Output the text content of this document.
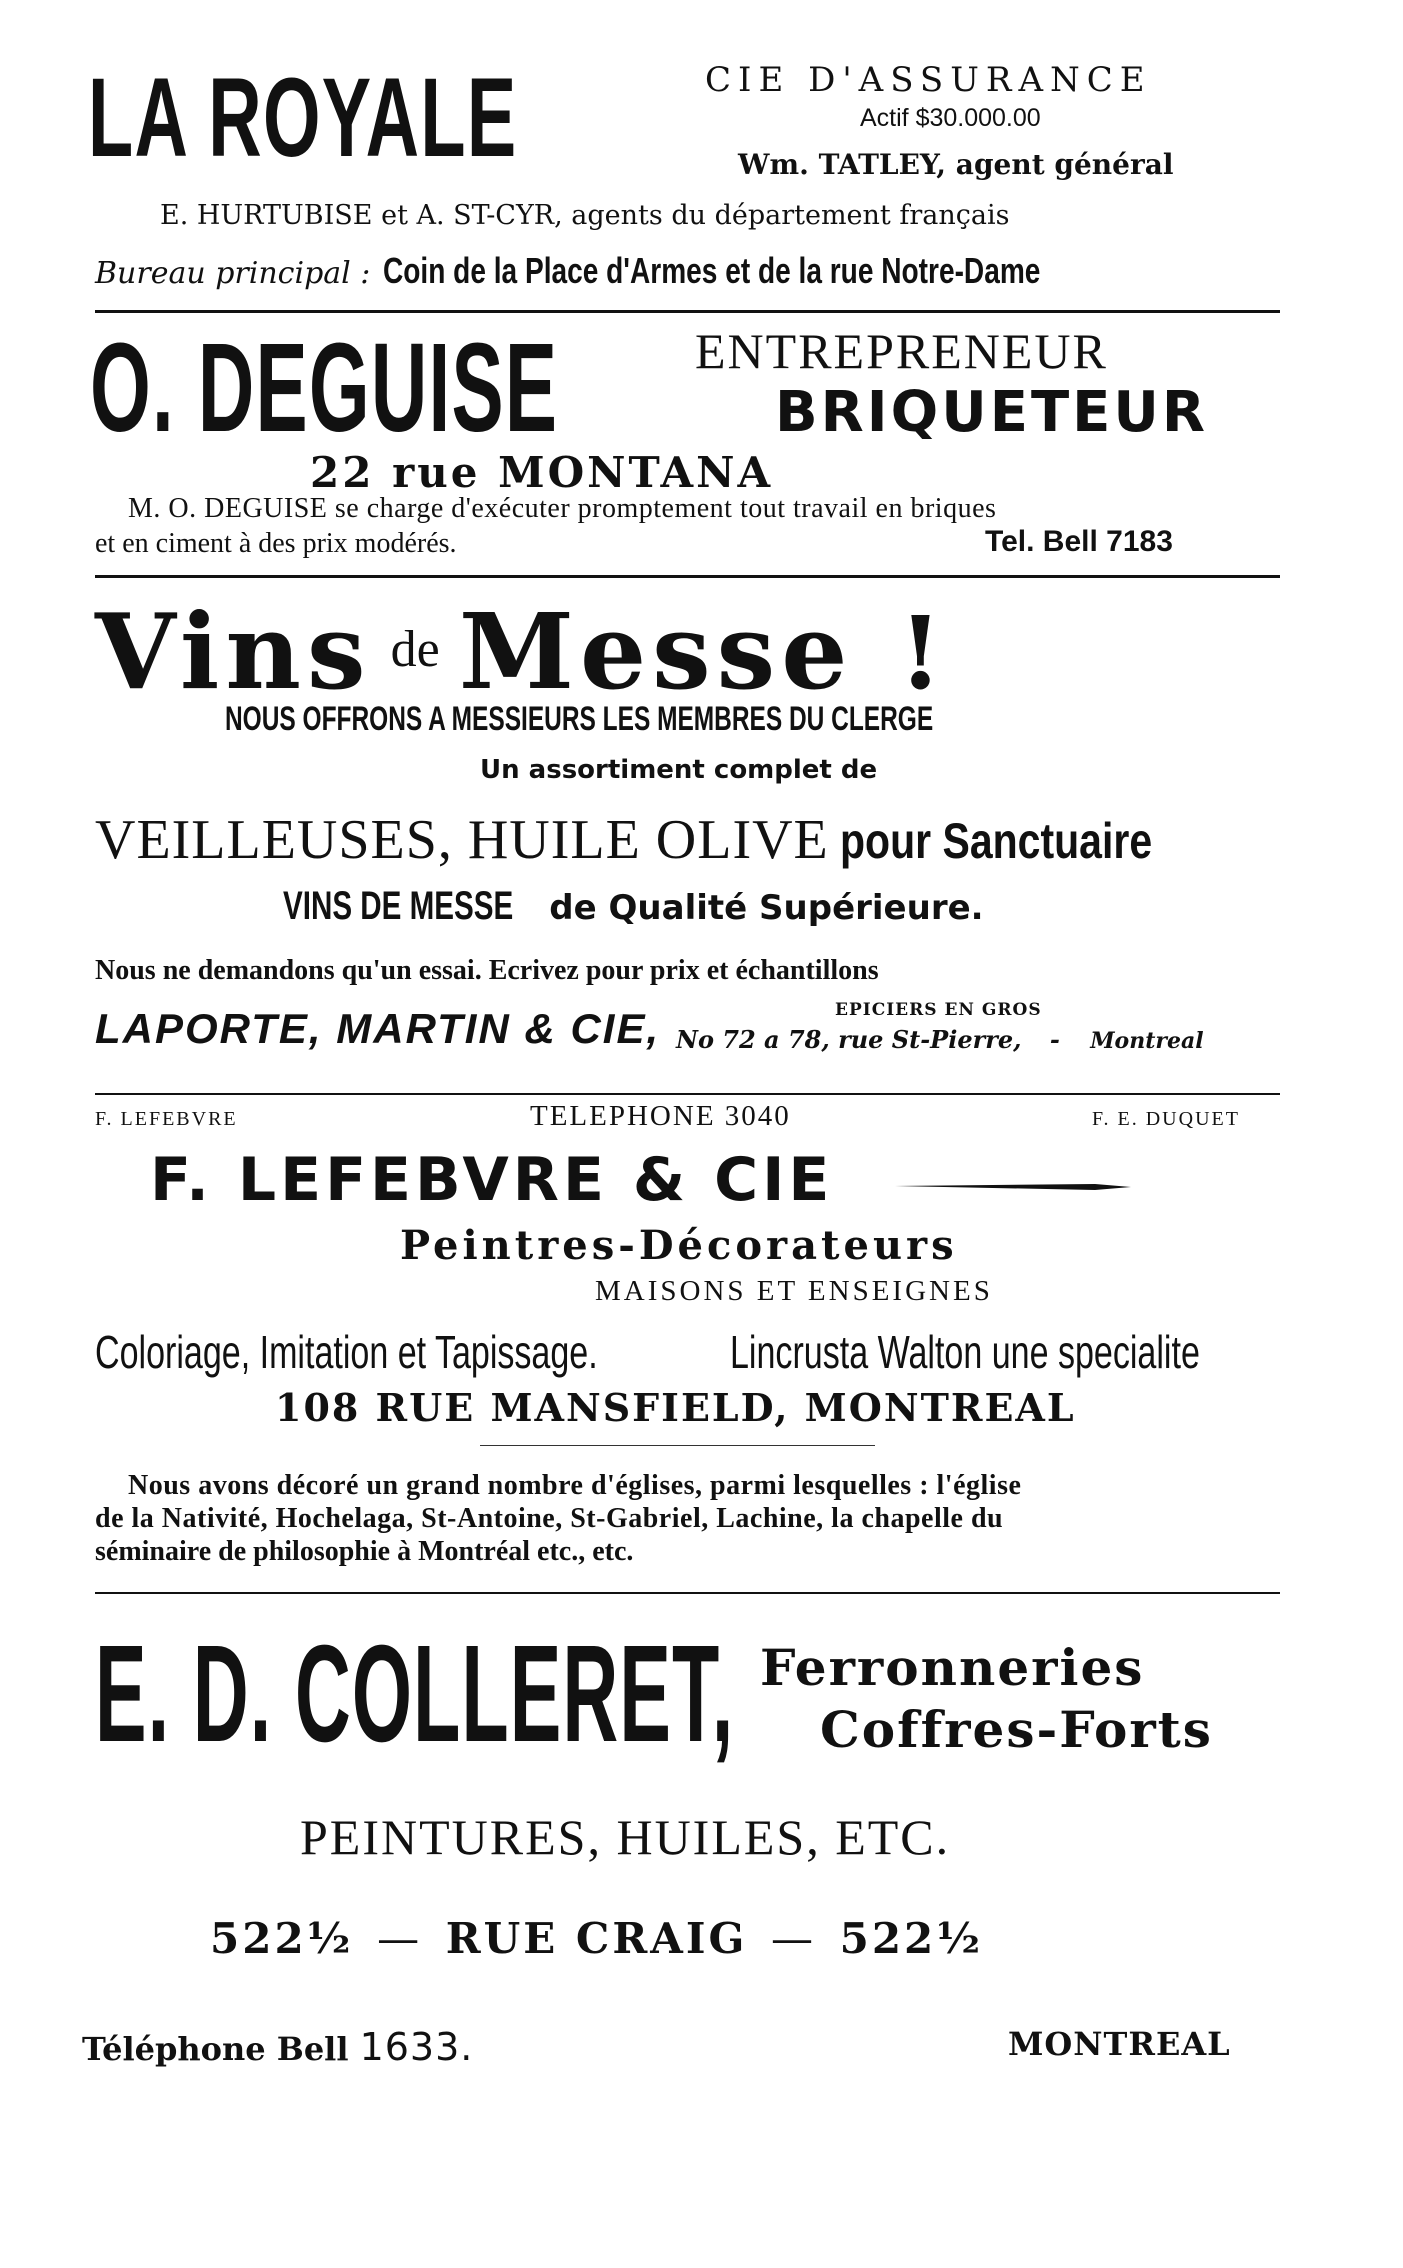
LA ROYALE	CIE D'ASSURANCE
Actif $30.000.00
Wm. TATLEY, agent général
E. HURTUBISE et A. ST-CYR, agents du département français
Bureau principal : Coin de la Place d'Armes et de la rue Notre-Dame
O. DEGUISE	ENTREPRENEUR
BRIQUETEUR
22 rue MONTANA
M. O. DEGUISE se charge d'exécuter promptement tout travail en briques
et en ciment à des prix modérés.	Tel. Bell 7183
Vins de Messe !
NOUS OFFRONS A MESSIEURS LES MEMBRES DU CLERGE
Un assortiment complet de
VEILLEUSES, HUILE OLIVE pour Sanctuaire
VINS DE MESSE de Qualité Supérieure.
Nous ne demandons qu'un essai. Ecrivez pour prix et échantillons
LAPORTE, MARTIN & CIE,	EPICIERS EN GROS
No 72 a 78, rue St-Pierre, - Montreal
F. LEFEBVRE	TELEPHONE 3040	F. E. DUQUET
F. LEFEBVRE & CIE
Peintres-Décorateurs
MAISONS ET ENSEIGNES
Coloriage, Imitation et Tapissage.	Lincrusta Walton une specialite
108 RUE MANSFIELD, MONTREAL
Nous avons décoré un grand nombre d'églises, parmi lesquelles : l'église
de la Nativité, Hochelaga, St-Antoine, St-Gabriel, Lachine, la chapelle du
séminaire de philosophie à Montréal etc., etc.
E. D. COLLERET, Ferronneries
Coffres-Forts
PEINTURES, HUILES, ETC.
522½ — RUE CRAIG — 522½
Téléphone Bell 1633.	MONTREAL
